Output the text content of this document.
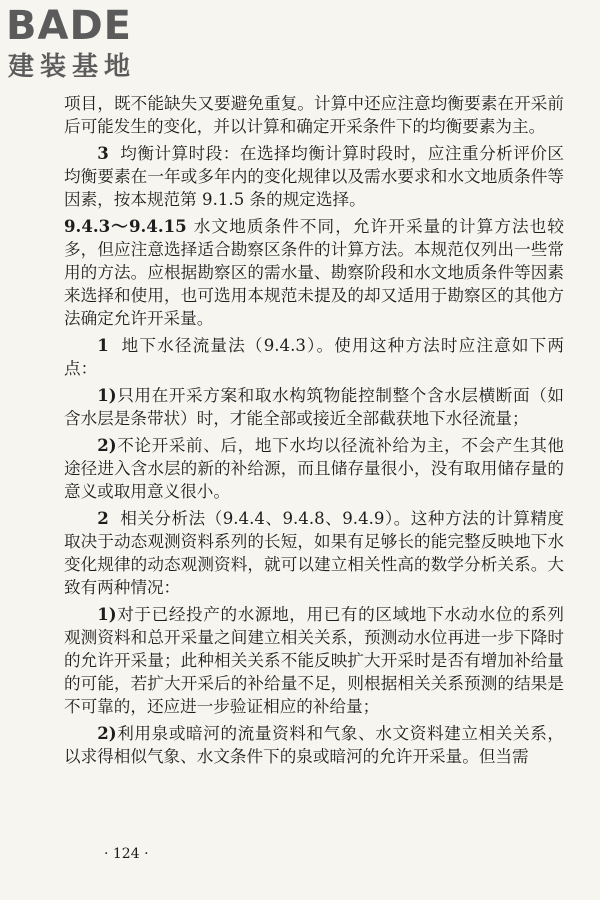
BADE
建装基地

项目，既不能缺失又要避免重复。计算中还应注意均衡要素在开采前后可能发生的变化，并以计算和确定开采条件下的均衡要素为主。

3 均衡计算时段：在选择均衡计算时段时，应注重分析评价区均衡要素在一年或多年内的变化规律以及需水要求和水文地质条件等因素，按本规范第 9.1.5 条的规定选择。

9.4.3～9.4.15 水文地质条件不同，允许开采量的计算方法也较多，但应注意选择适合勘察区条件的计算方法。本规范仅列出一些常用的方法。应根据勘察区的需水量、勘察阶段和水文地质条件等因素来选择和使用，也可选用本规范未提及的却又适用于勘察区的其他方法确定允许开采量。

1 地下水径流量法（9.4.3）。使用这种方法时应注意如下两点：

1)只用在开采方案和取水构筑物能控制整个含水层横断面（如含水层是条带状）时，才能全部或接近全部截获地下水径流量；

2)不论开采前、后，地下水均以径流补给为主，不会产生其他途径进入含水层的新的补给源，而且储存量很小，没有取用储存量的意义或取用意义很小。

2 相关分析法（9.4.4、9.4.8、9.4.9）。这种方法的计算精度取决于动态观测资料系列的长短，如果有足够长的能完整反映地下水变化规律的动态观测资料，就可以建立相关性高的数学分析关系。大致有两种情况：

1)对于已经投产的水源地，用已有的区域地下水动水位的系列观测资料和总开采量之间建立相关关系，预测动水位再进一步下降时的允许开采量；此种相关关系不能反映扩大开采时是否有增加补给量的可能，若扩大开采后的补给量不足，则根据相关关系预测的结果是不可靠的，还应进一步验证相应的补给量；

2)利用泉或暗河的流量资料和气象、水文资料建立相关关系，以求得相似气象、水文条件下的泉或暗河的允许开采量。但当需

· 124 ·
